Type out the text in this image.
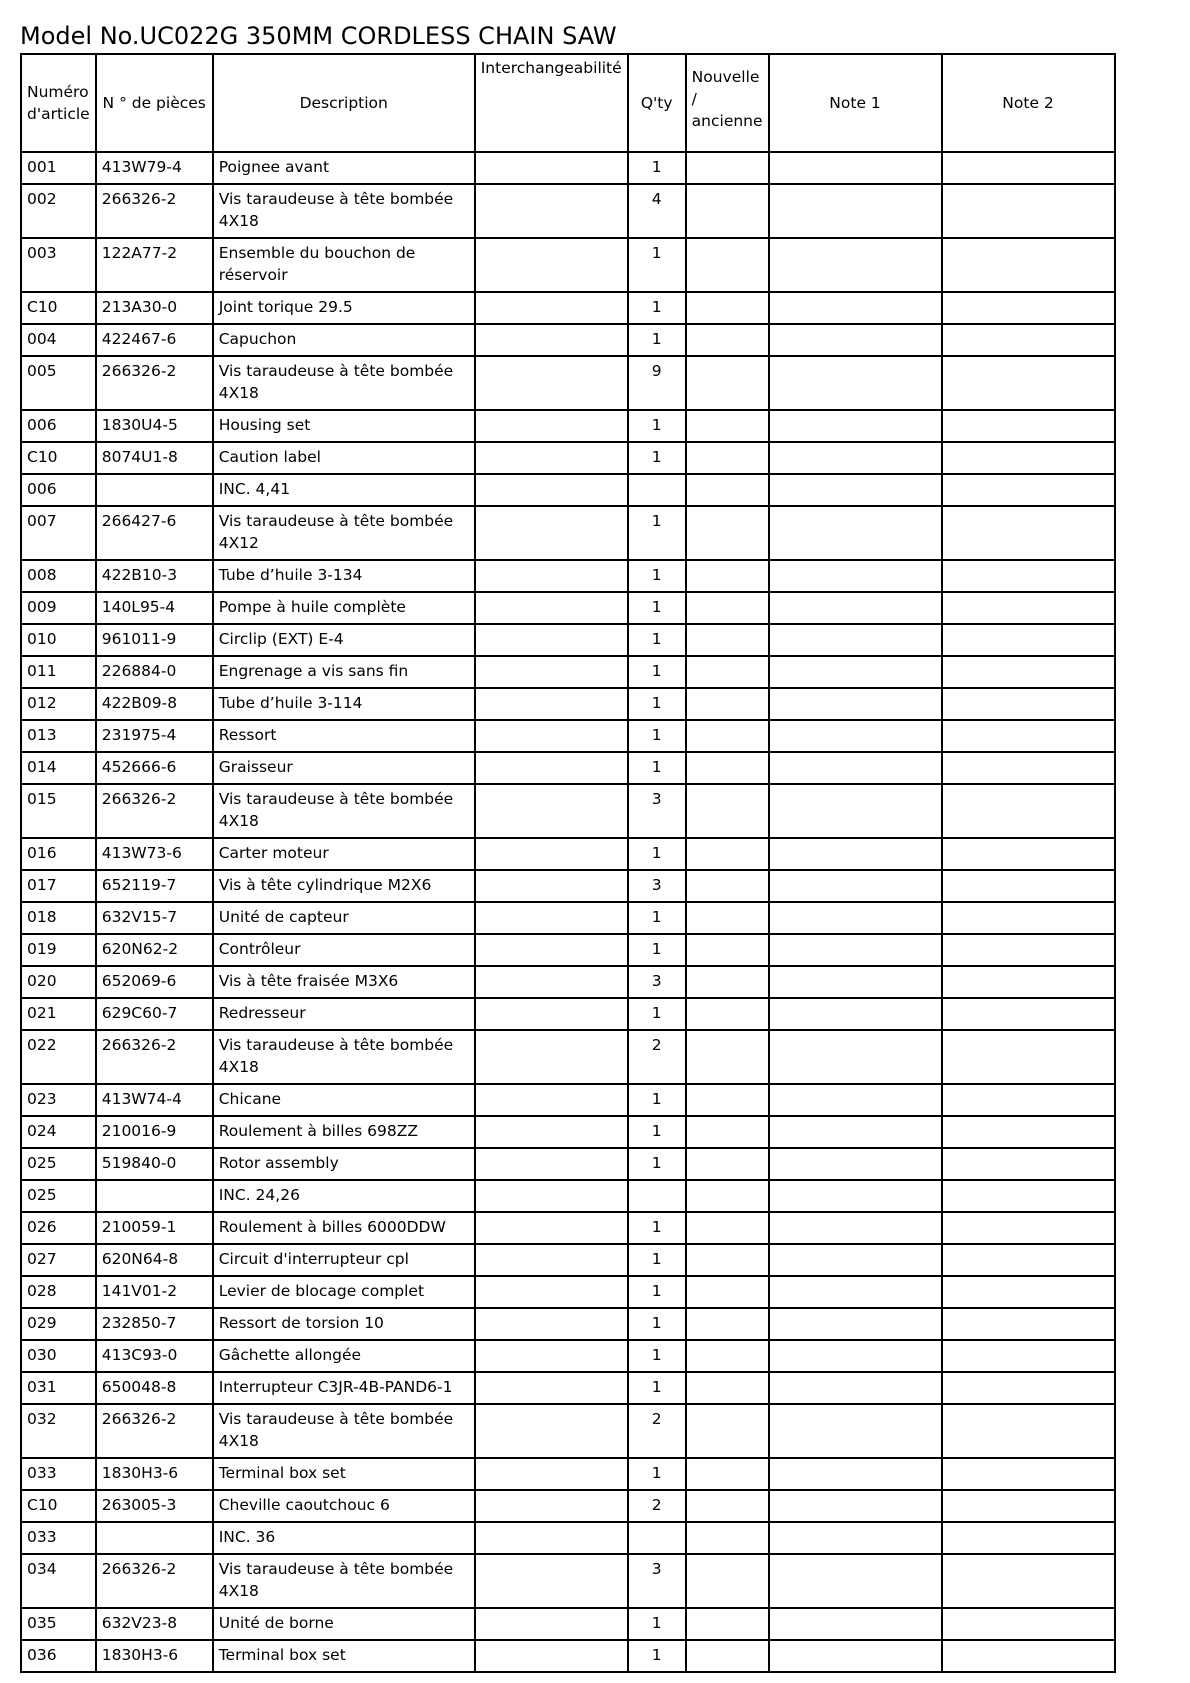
Model No.UC022G 350MM CORDLESS CHAIN SAW
Numéro d'article	N ° de pièces	Description	Interchangeabilité	Q'ty	Nouvelle / ancienne	Note 1	Note 2
001	413W79-4	Poignee avant		1			
002	266326-2	Vis taraudeuse à tête bombée 4X18		4			
003	122A77-2	Ensemble du bouchon de réservoir		1			
C10	213A30-0	Joint torique 29.5		1			
004	422467-6	Capuchon		1			
005	266326-2	Vis taraudeuse à tête bombée 4X18		9			
006	1830U4-5	Housing set		1			
C10	8074U1-8	Caution label		1			
006		INC. 4,41					
007	266427-6	Vis taraudeuse à tête bombée 4X12		1			
008	422B10-3	Tube d’huile 3-134		1			
009	140L95-4	Pompe à huile complète		1			
010	961011-9	Circlip (EXT) E-4		1			
011	226884-0	Engrenage a vis sans fin		1			
012	422B09-8	Tube d’huile 3-114		1			
013	231975-4	Ressort		1			
014	452666-6	Graisseur		1			
015	266326-2	Vis taraudeuse à tête bombée 4X18		3			
016	413W73-6	Carter moteur		1			
017	652119-7	Vis à tête cylindrique M2X6		3			
018	632V15-7	Unité de capteur		1			
019	620N62-2	Contrôleur		1			
020	652069-6	Vis à tête fraisée M3X6		3			
021	629C60-7	Redresseur		1			
022	266326-2	Vis taraudeuse à tête bombée 4X18		2			
023	413W74-4	Chicane		1			
024	210016-9	Roulement à billes 698ZZ		1			
025	519840-0	Rotor assembly		1			
025		INC. 24,26					
026	210059-1	Roulement à billes 6000DDW		1			
027	620N64-8	Circuit d'interrupteur cpl		1			
028	141V01-2	Levier de blocage complet		1			
029	232850-7	Ressort de torsion 10		1			
030	413C93-0	Gâchette allongée		1			
031	650048-8	Interrupteur C3JR-4B-PAND6-1		1			
032	266326-2	Vis taraudeuse à tête bombée 4X18		2			
033	1830H3-6	Terminal box set		1			
C10	263005-3	Cheville caoutchouc 6		2			
033		INC. 36					
034	266326-2	Vis taraudeuse à tête bombée 4X18		3			
035	632V23-8	Unité de borne		1			
036	1830H3-6	Terminal box set		1			
